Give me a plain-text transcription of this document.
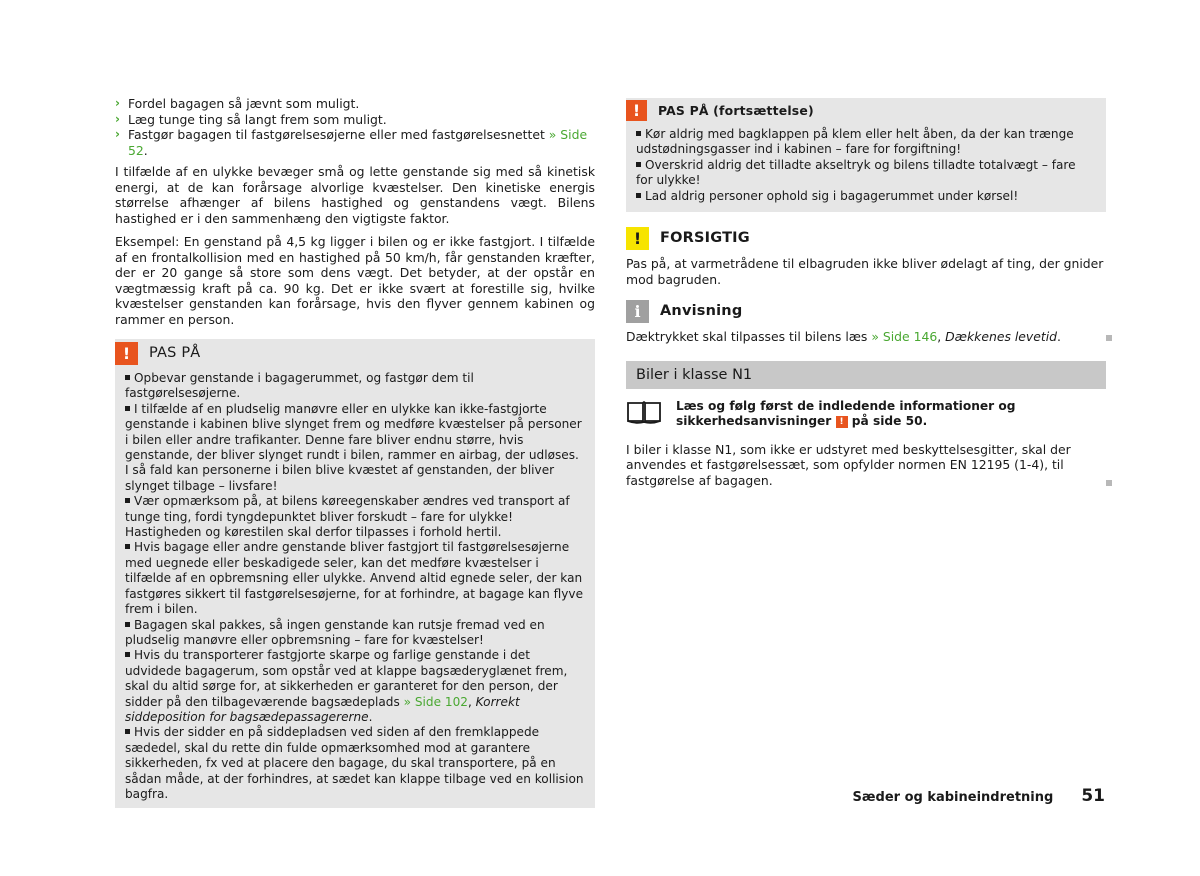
› Fordel bagagen så jævnt som muligt.
› Læg tunge ting så langt frem som muligt.
› Fastgør bagagen til fastgørelsesøjerne eller med fastgørelsesnettet » Side 52.

I tilfælde af en ulykke bevæger små og lette genstande sig med så kinetisk energi, at de kan forårsage alvorlige kvæstelser. Den kinetiske energis størrelse afhænger af bilens hastighed og genstandens vægt. Bilens hastighed er i den sammenhæng den vigtigste faktor.

Eksempel: En genstand på 4,5 kg ligger i bilen og er ikke fastgjort. I tilfælde af en frontalkollision med en hastighed på 50 km/h, får genstanden kræfter, der er 20 gange så store som dens vægt. Det betyder, at der opstår en vægtmæssig kraft på ca. 90 kg. Det er ikke svært at forestille sig, hvilke kvæstelser genstanden kan forårsage, hvis den flyver gennem kabinen og rammer en person.

!	PAS PÅ

Opbevar genstande i bagagerummet, og fastgør dem til fastgørelsesøjerne.

I tilfælde af en pludselig manøvre eller en ulykke kan ikke-fastgjorte genstande i kabinen blive slynget frem og medføre kvæstelser på personer i bilen eller andre trafikanter. Denne fare bliver endnu større, hvis genstande, der bliver slynget rundt i bilen, rammer en airbag, der udløses. I så fald kan personerne i bilen blive kvæstet af genstanden, der bliver slynget tilbage – livsfare!

Vær opmærksom på, at bilens køreegenskaber ændres ved transport af tunge ting, fordi tyngdepunktet bliver forskudt – fare for ulykke! Hastigheden og kørestilen skal derfor tilpasses i forhold hertil.

Hvis bagage eller andre genstande bliver fastgjort til fastgørelsesøjerne med uegnede eller beskadigede seler, kan det medføre kvæstelser i tilfælde af en opbremsning eller ulykke. Anvend altid egnede seler, der kan fastgøres sikkert til fastgørelsesøjerne, for at forhindre, at bagage kan flyve frem i bilen.

Bagagen skal pakkes, så ingen genstande kan rutsje fremad ved en pludselig manøvre eller opbremsning – fare for kvæstelser!

Hvis du transporterer fastgjorte skarpe og farlige genstande i det udvidede bagagerum, som opstår ved at klappe bagsæderyglænet frem, skal du altid sørge for, at sikkerheden er garanteret for den person, der sidder på den tilbageværende bagsædeplads » Side 102, Korrekt siddeposition for bagsædepassagererne.

Hvis der sidder en på siddepladsen ved siden af den fremklappede sædedel, skal du rette din fulde opmærksomhed mod at garantere sikkerheden, fx ved at placere den bagage, du skal transportere, på en sådan måde, at der forhindres, at sædet kan klappe tilbage ved en kollision bagfra.

!	PAS PÅ (fortsættelse)

Kør aldrig med bagklappen på klem eller helt åben, da der kan trænge udstødningsgasser ind i kabinen – fare for forgiftning!

Overskrid aldrig det tilladte akseltryk og bilens tilladte totalvægt – fare for ulykke!

Lad aldrig personer ophold sig i bagagerummet under kørsel!

!	FORSIGTIG

Pas på, at varmetrådene til elbagruden ikke bliver ødelagt af ting, der gnider mod bagruden.

i	Anvisning

Dæktrykket skal tilpasses til bilens læs » Side 146, Dækkenes levetid.

Biler i klasse N1

Læs og følg først de indledende informationer og sikkerhedsanvisninger ! på side 50.

I biler i klasse N1, som ikke er udstyret med beskyttelsesgitter, skal der anvendes et fastgørelsessæt, som opfylder normen EN 12195 (1-4), til fastgørelse af bagagen.

Sæder og kabineindretning 51
